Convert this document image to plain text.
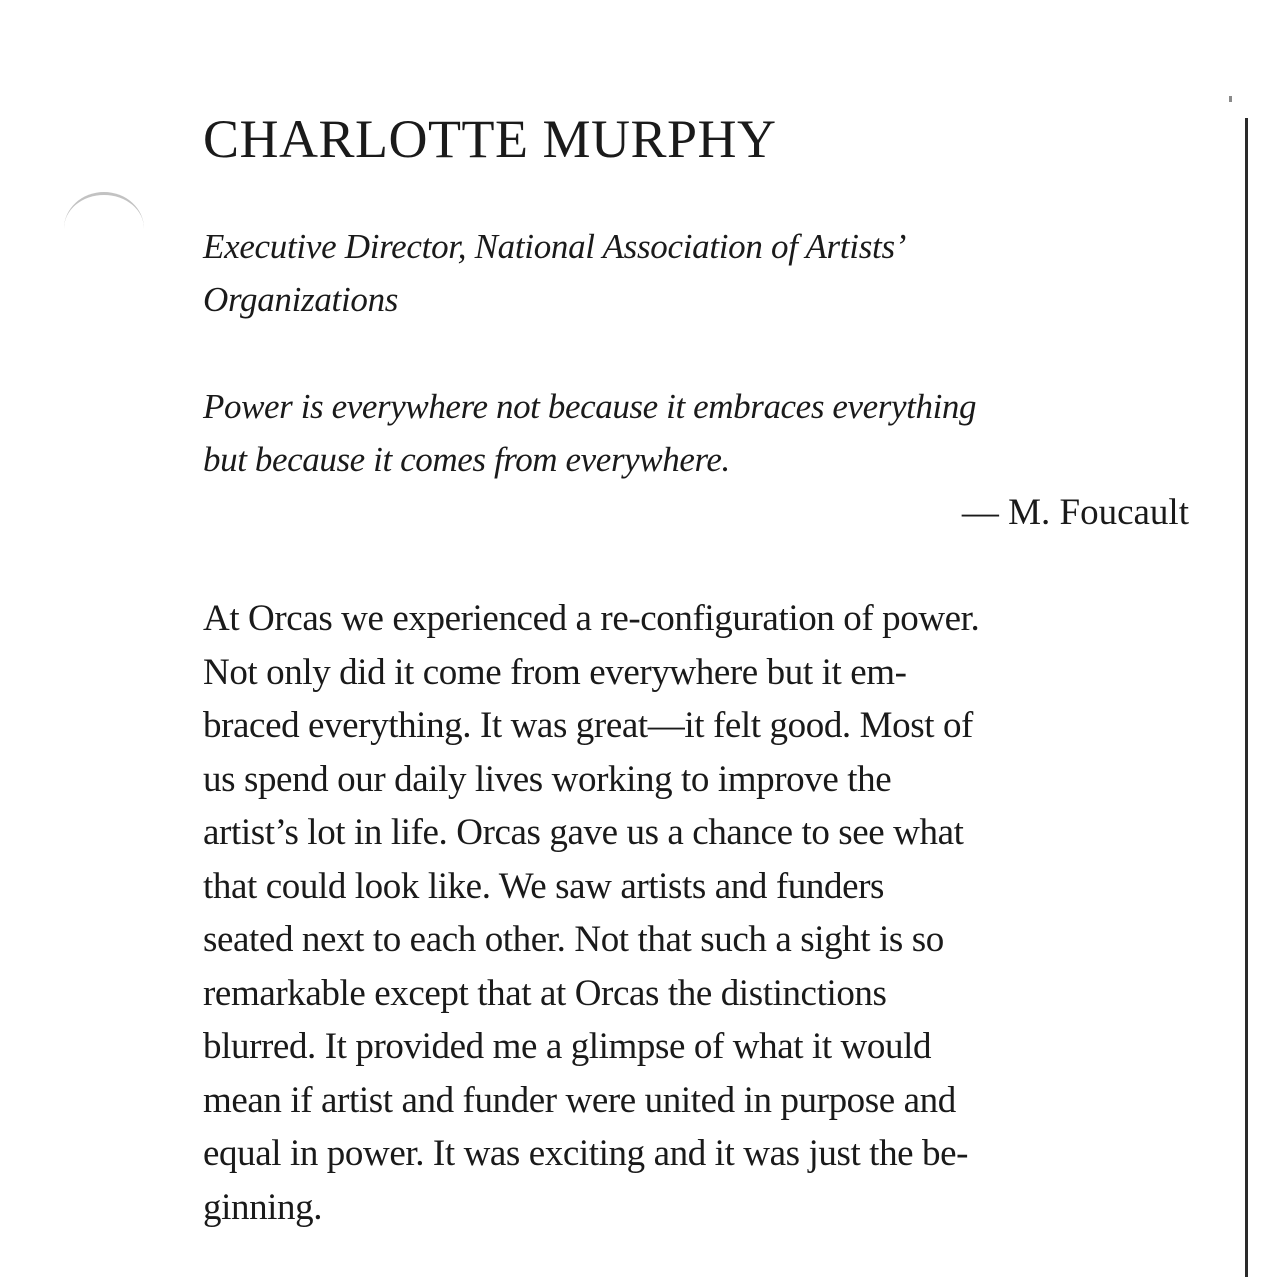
CHARLOTTE MURPHY
Executive Director, National Association of Artists’
Organizations
Power is everywhere not because it embraces everything
but because it comes from everywhere.
— M. Foucault
At Orcas we experienced a re-configuration of power.
Not only did it come from everywhere but it em-
braced everything. It was great—it felt good. Most of
us spend our daily lives working to improve the
artist’s lot in life. Orcas gave us a chance to see what
that could look like. We saw artists and funders
seated next to each other. Not that such a sight is so
remarkable except that at Orcas the distinctions
blurred. It provided me a glimpse of what it would
mean if artist and funder were united in purpose and
equal in power. It was exciting and it was just the be-
ginning.
